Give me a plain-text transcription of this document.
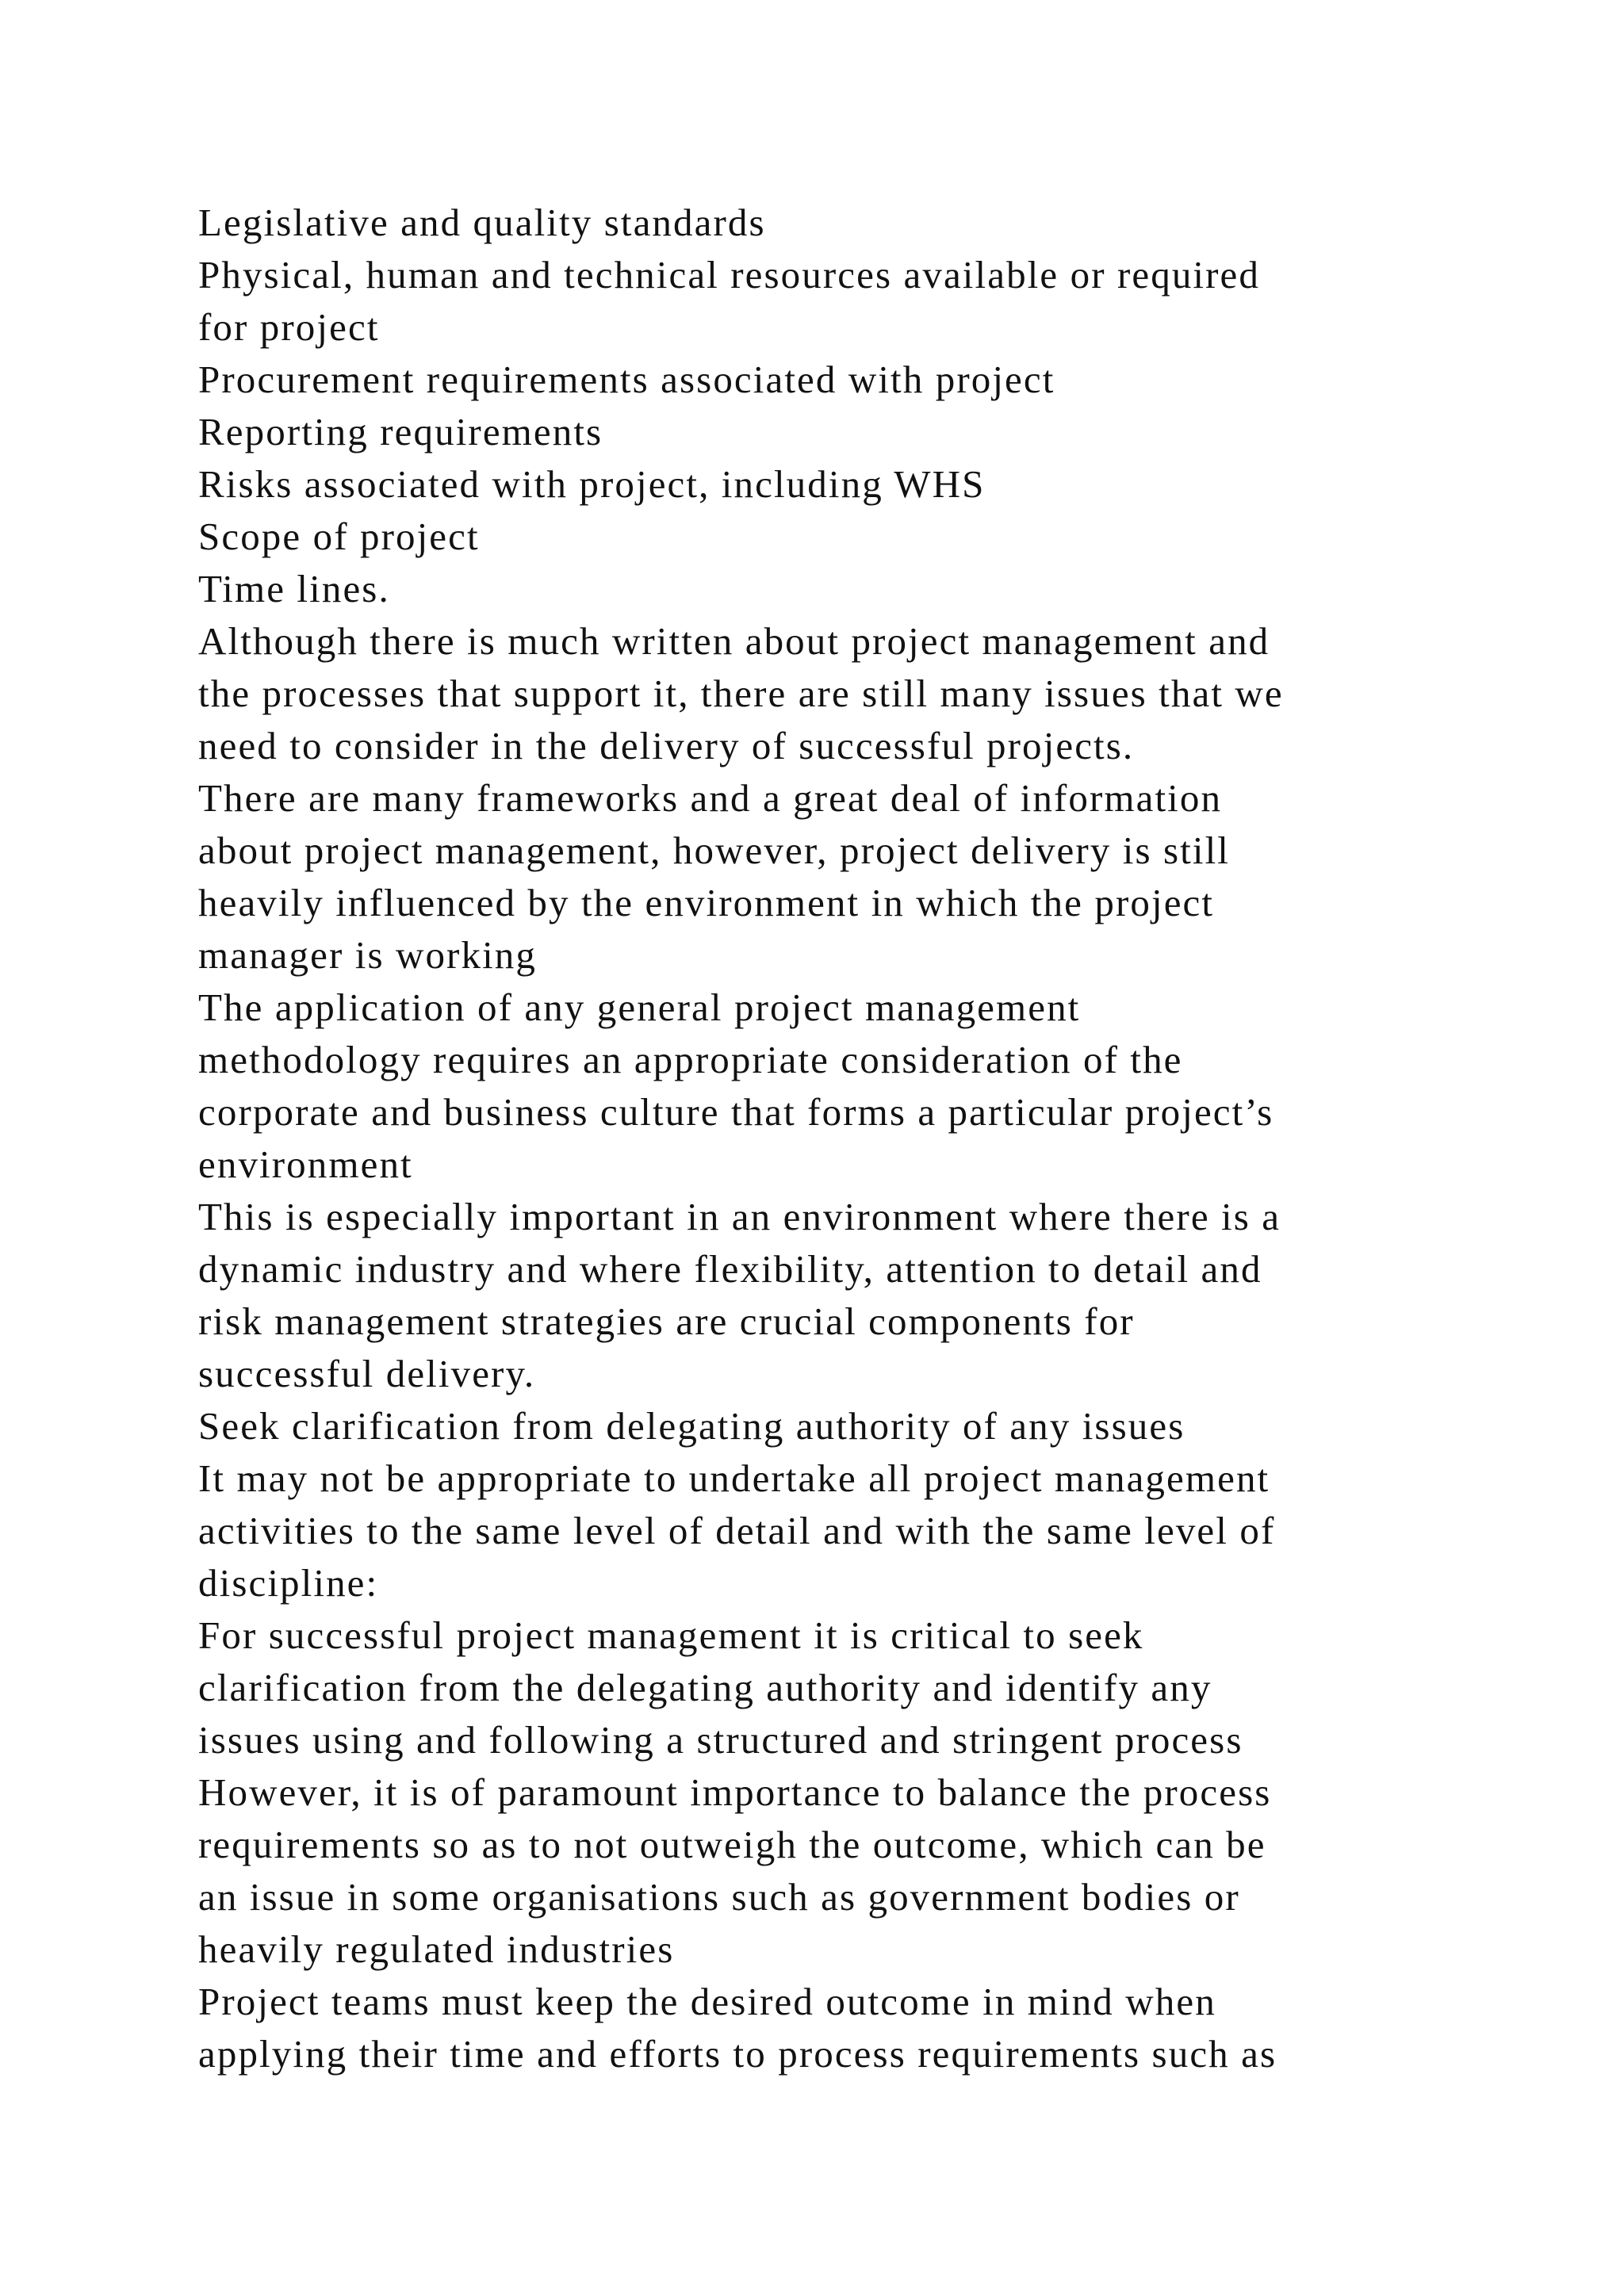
Legislative and quality standards
Physical, human and technical resources available or required
for project
Procurement requirements associated with project
Reporting requirements
Risks associated with project, including WHS
Scope of project
Time lines.
Although there is much written about project management and
the processes that support it, there are still many issues that we
need to consider in the delivery of successful projects.
There are many frameworks and a great deal of information
about project management, however, project delivery is still
heavily influenced by the environment in which the project
manager is working
The application of any general project management
methodology requires an appropriate consideration of the
corporate and business culture that forms a particular project’s
environment
This is especially important in an environment where there is a
dynamic industry and where flexibility, attention to detail and
risk management strategies are crucial components for
successful delivery.
Seek clarification from delegating authority of any issues
It may not be appropriate to undertake all project management
activities to the same level of detail and with the same level of
discipline:
For successful project management it is critical to seek
clarification from the delegating authority and identify any
issues using and following a structured and stringent process
However, it is of paramount importance to balance the process
requirements so as to not outweigh the outcome, which can be
an issue in some organisations such as government bodies or
heavily regulated industries
Project teams must keep the desired outcome in mind when
applying their time and efforts to process requirements such as
